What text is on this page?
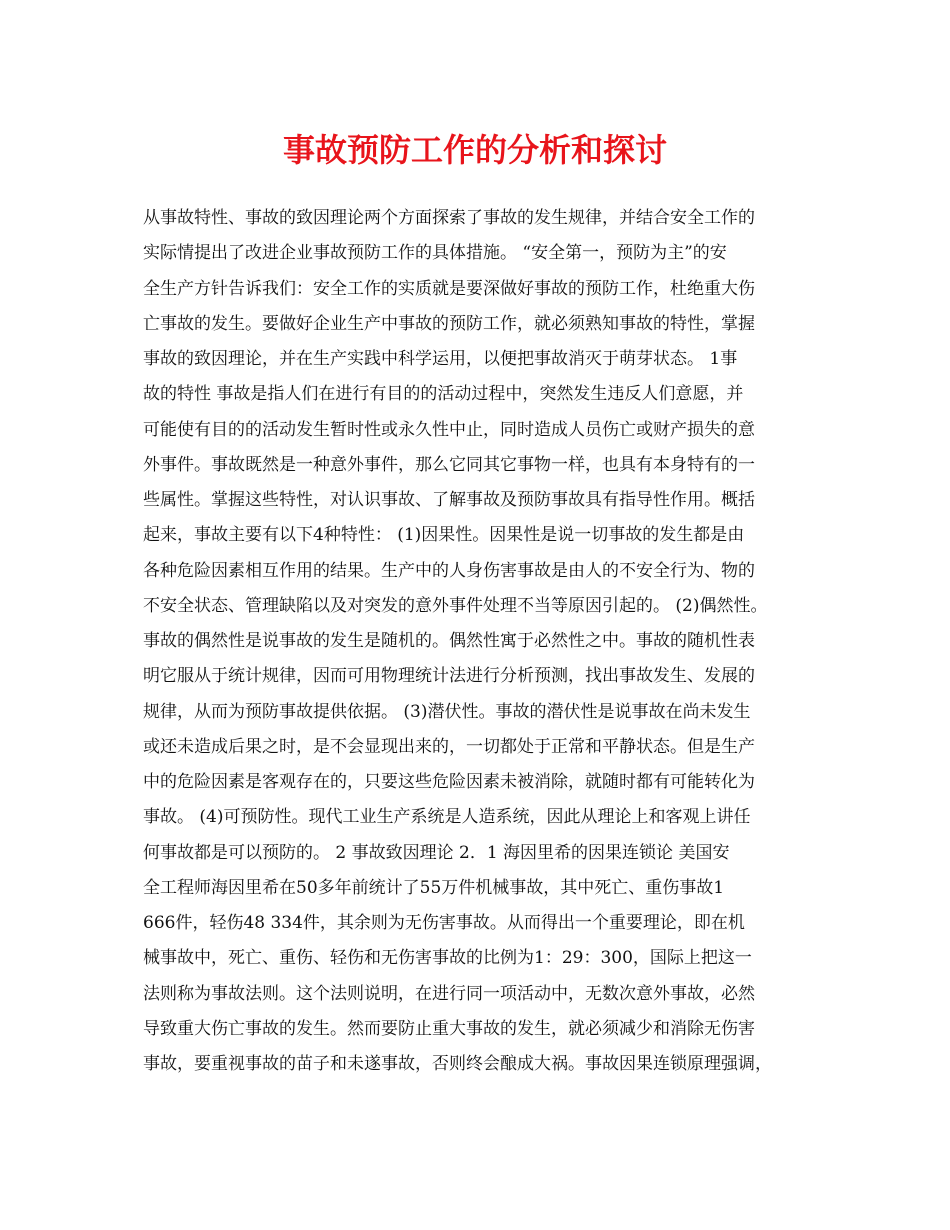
事故预防工作的分析和探讨
从事故特性、事故的致因理论两个方面探索了事故的发生规律，并结合安全工作的
实际情提出了改进企业事故预防工作的具体措施。 “安全第一，预防为主”的安
全生产方针告诉我们：安全工作的实质就是要深做好事故的预防工作，杜绝重大伤
亡事故的发生。要做好企业生产中事故的预防工作，就必须熟知事故的特性，掌握
事故的致因理论，并在生产实践中科学运用，以便把事故消灭于萌芽状态。 1事
故的特性 事故是指人们在进行有目的的活动过程中，突然发生违反人们意愿，并
可能使有目的的活动发生暂时性或永久性中止，同时造成人员伤亡或财产损失的意
外事件。事故既然是一种意外事件，那么它同其它事物一样，也具有本身特有的一
些属性。掌握这些特性，对认识事故、了解事故及预防事故具有指导性作用。概括
起来，事故主要有以下4种特性： (1)因果性。因果性是说一切事故的发生都是由
各种危险因素相互作用的结果。生产中的人身伤害事故是由人的不安全行为、物的
不安全状态、管理缺陷以及对突发的意外事件处理不当等原因引起的。 (2)偶然性。
事故的偶然性是说事故的发生是随机的。偶然性寓于必然性之中。事故的随机性表
明它服从于统计规律，因而可用物理统计法进行分析预测，找出事故发生、发展的
规律，从而为预防事故提供依据。 (3)潜伏性。事故的潜伏性是说事故在尚未发生
或还未造成后果之时，是不会显现出来的，一切都处于正常和平静状态。但是生产
中的危险因素是客观存在的，只要这些危险因素未被消除，就随时都有可能转化为
事故。 (4)可预防性。现代工业生产系统是人造系统，因此从理论上和客观上讲任
何事故都是可以预防的。 2 事故致因理论 2．1 海因里希的因果连锁论 美国安
全工程师海因里希在50多年前统计了55万件机械事故，其中死亡、重伤事故1
666件，轻伤48 334件，其余则为无伤害事故。从而得出一个重要理论，即在机
械事故中，死亡、重伤、轻伤和无伤害事故的比例为1：29：300，国际上把这一
法则称为事故法则。这个法则说明，在进行同一项活动中，无数次意外事故，必然
导致重大伤亡事故的发生。然而要防止重大事故的发生，就必须减少和消除无伤害
事故，要重视事故的苗子和未遂事故，否则终会酿成大祸。事故因果连锁原理强调，
